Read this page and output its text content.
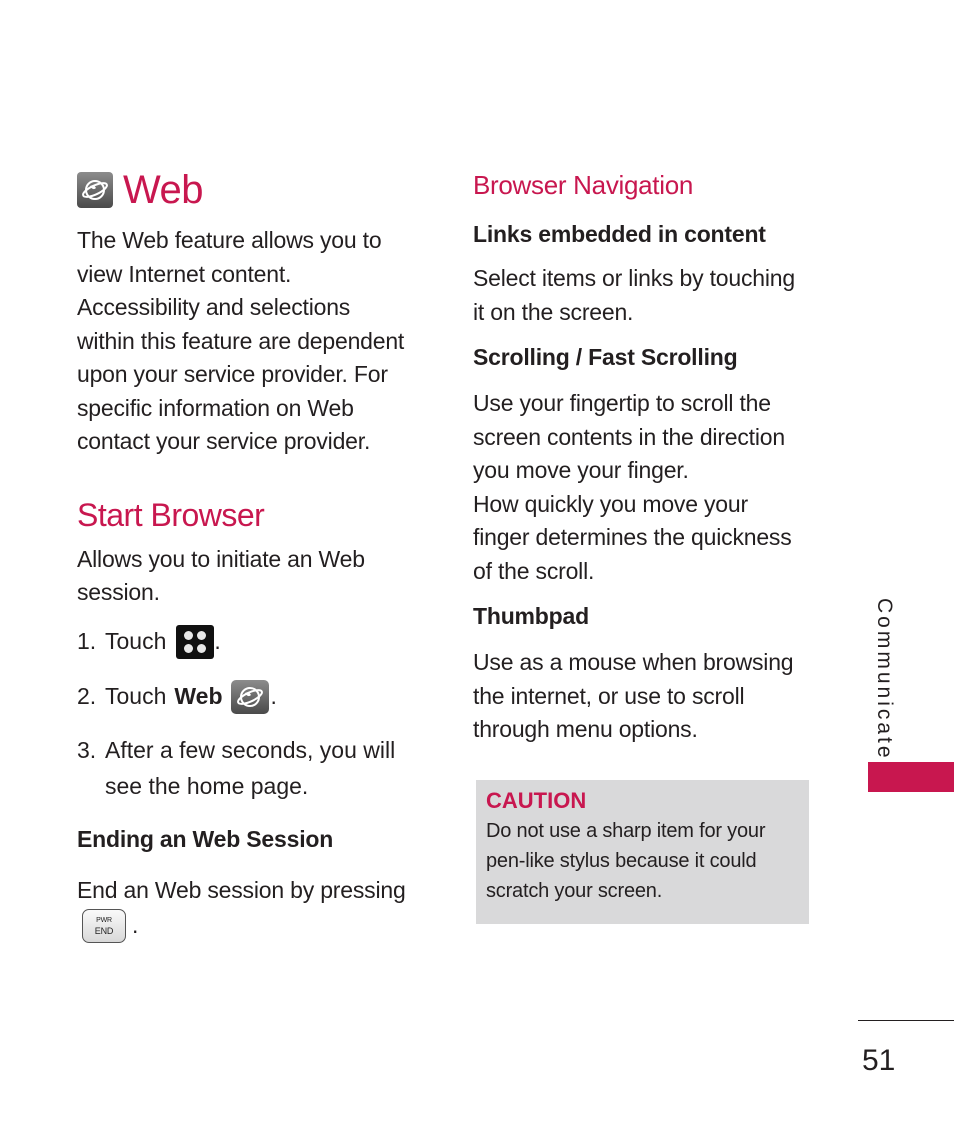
Web
The Web feature allows you to
view Internet content.
Accessibility and selections
within this feature are dependent
upon your service provider. For
specific information on Web
contact your service provider.
Start Browser
Allows you to initiate an Web
session.
1. Touch .
2. Touch Web .
3. After a few seconds, you will
see the home page.
Ending an Web Session
End an Web session by pressing
PWR
END .
Browser Navigation
Links embedded in content
Select items or links by touching
it on the screen.
Scrolling / Fast Scrolling
Use your fingertip to scroll the
screen contents in the direction
you move your finger.
How quickly you move your
finger determines the quickness
of the scroll.
Thumbpad
Use as a mouse when browsing
the internet, or use to scroll
through menu options.
CAUTION
Do not use a sharp item for your
pen-like stylus because it could
scratch your screen.
Communicate
51
